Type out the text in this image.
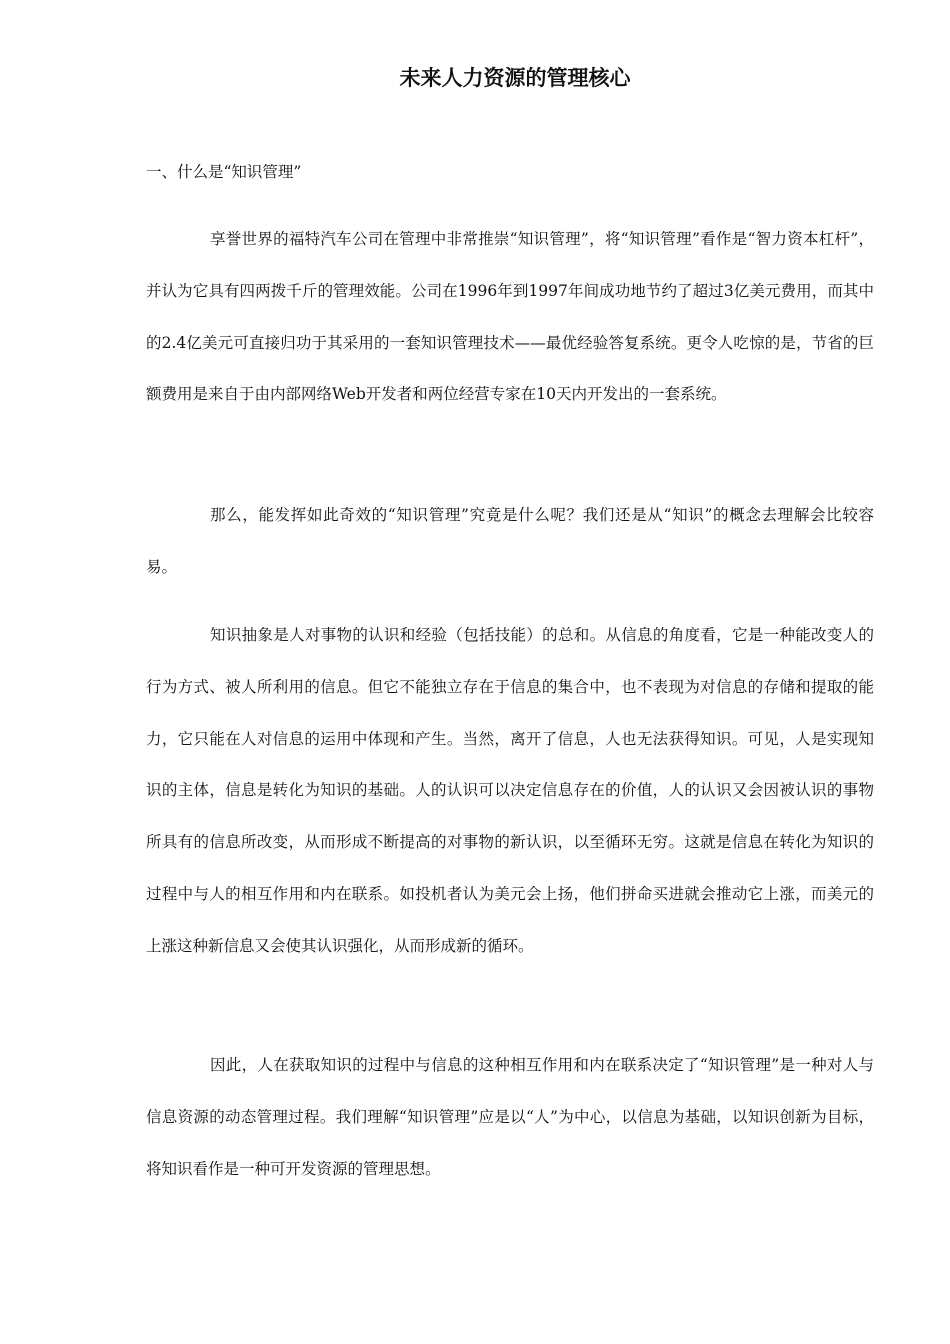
未来人力资源的管理核心
一、什么是“知识管理”

享誉世界的福特汽车公司在管理中非常推崇“知识管理”，将“知识管理”看作是“智力资本杠杆”，并认为它具有四两拨千斤的管理效能。公司在1996年到1997年间成功地节约了超过3亿美元费用，而其中的2.4亿美元可直接归功于其采用的一套知识管理技术——最优经验答复系统。更令人吃惊的是，节省的巨额费用是来自于由内部网络Web开发者和两位经营专家在10天内开发出的一套系统。

那么，能发挥如此奇效的“知识管理”究竟是什么呢？我们还是从“知识”的概念去理解会比较容易。

知识抽象是人对事物的认识和经验（包括技能）的总和。从信息的角度看，它是一种能改变人的行为方式、被人所利用的信息。但它不能独立存在于信息的集合中，也不表现为对信息的存储和提取的能力，它只能在人对信息的运用中体现和产生。当然，离开了信息，人也无法获得知识。可见，人是实现知识的主体，信息是转化为知识的基础。人的认识可以决定信息存在的价值，人的认识又会因被认识的事物所具有的信息所改变，从而形成不断提高的对事物的新认识，以至循环无穷。这就是信息在转化为知识的过程中与人的相互作用和内在联系。如投机者认为美元会上扬，他们拼命买进就会推动它上涨，而美元的上涨这种新信息又会使其认识强化，从而形成新的循环。

因此，人在获取知识的过程中与信息的这种相互作用和内在联系决定了“知识管理”是一种对人与信息资源的动态管理过程。我们理解“知识管理”应是以“人”为中心，以信息为基础，以知识创新为目标，将知识看作是一种可开发资源的管理思想。
